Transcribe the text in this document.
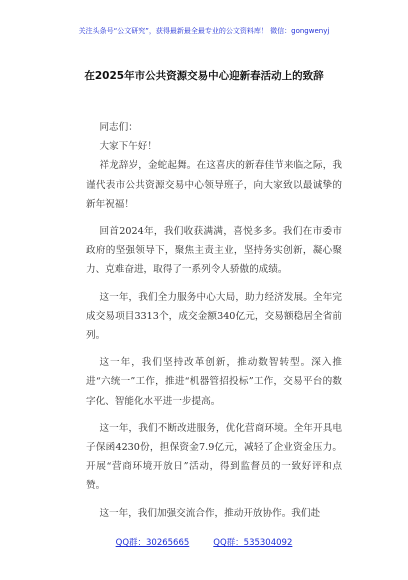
关注头条号“公文研究”，获得最新最全最专业的公文资料库！ 微信：gongwenyj
在2025年市公共资源交易中心迎新春活动上的致辞

同志们：

大家下午好！

祥龙辞岁，金蛇起舞。在这喜庆的新春佳节来临之际，我谨代表市公共资源交易中心领导班子，向大家致以最诚挚的新年祝福！

回首2024年，我们收获满满，喜悦多多。我们在市委市政府的坚强领导下，聚焦主责主业，坚持务实创新，凝心聚力、克难奋进，取得了一系列令人骄傲的成绩。

这一年，我们全力服务中心大局，助力经济发展。全年完成交易项目3313个，成交金额340亿元，交易额稳居全省前列。

这一年，我们坚持改革创新，推动数智转型。深入推进“六统一”工作，推进“机器管招投标”工作，交易平台的数字化、智能化水平进一步提高。

这一年，我们不断改进服务，优化营商环境。全年开具电子保函4230份，担保资金7.9亿元，减轻了企业资金压力。开展“营商环境开放日”活动，得到监督员的一致好评和点赞。

这一年，我们加强交流合作，推动开放协作。我们赴

QQ群：30265665	QQ群：535304092
